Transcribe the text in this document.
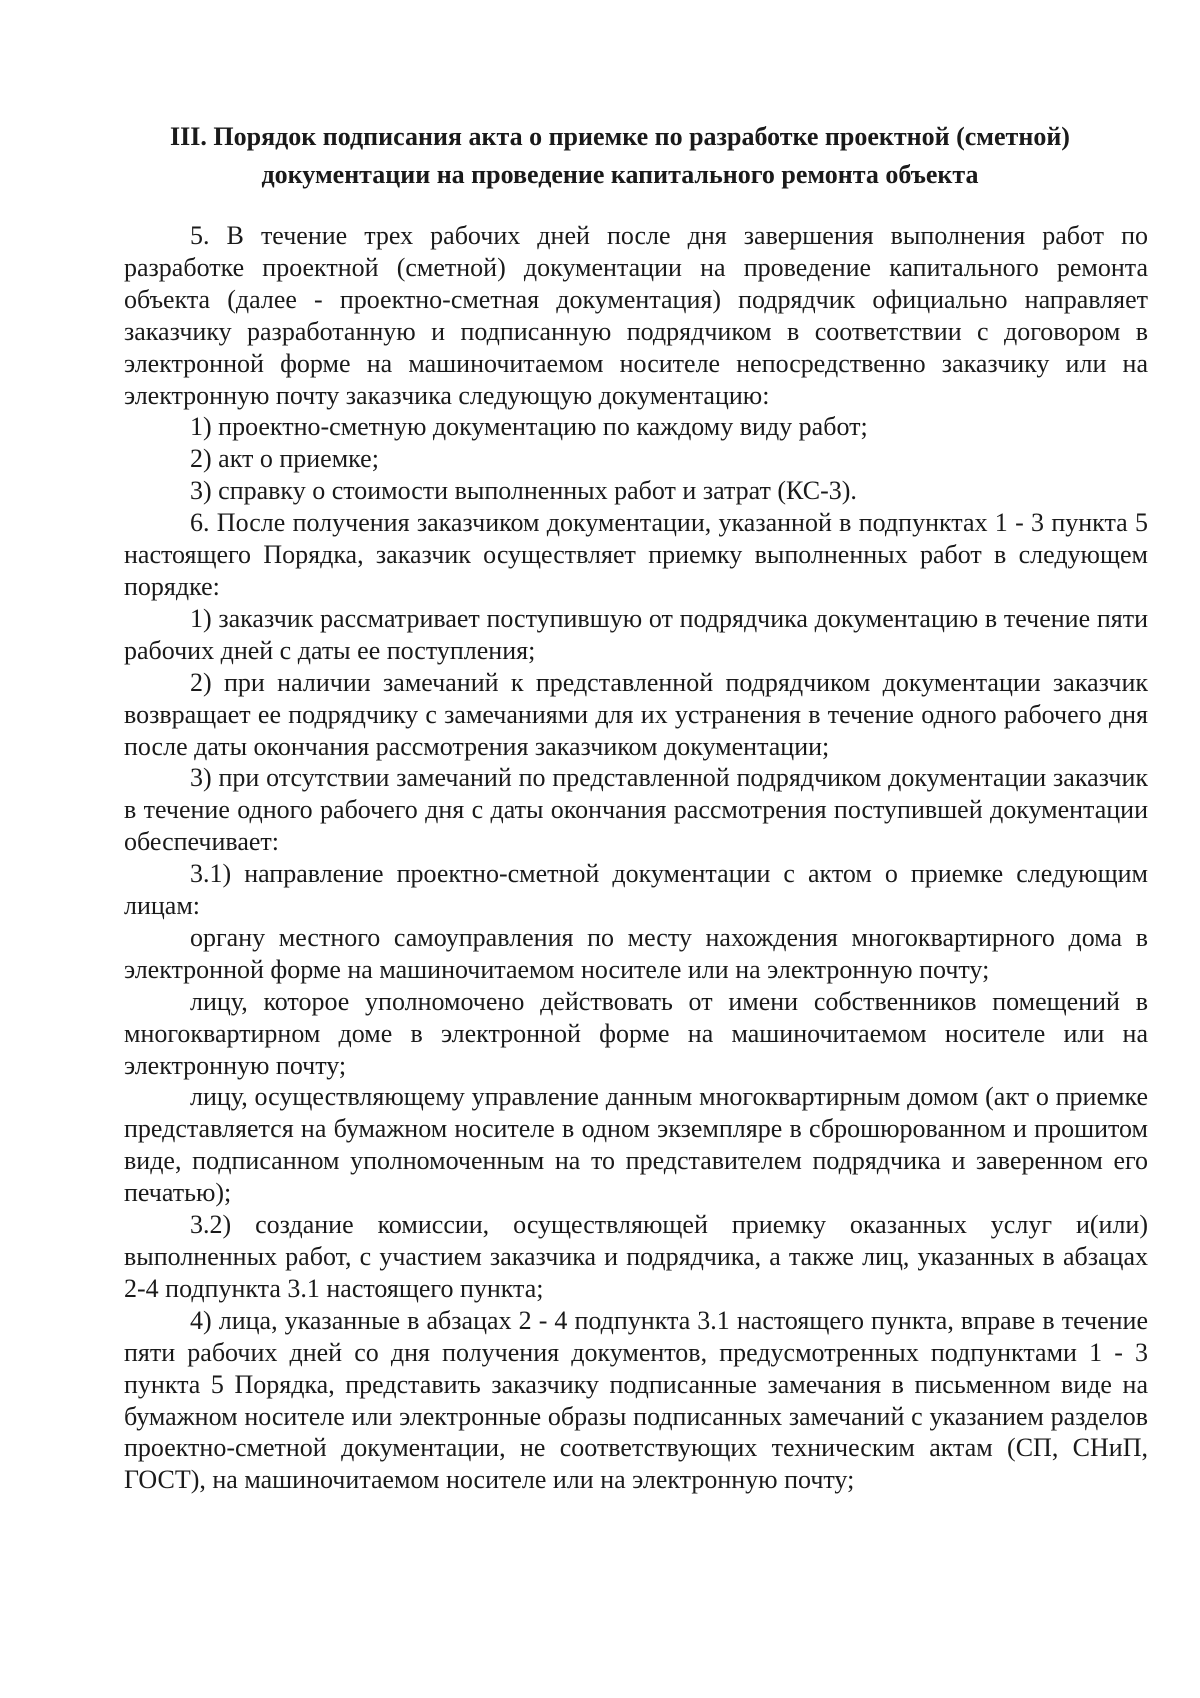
III. Порядок подписания акта о приемке по разработке проектной (сметной)
документации на проведение капитального ремонта объекта

5. В течение трех рабочих дней после дня завершения выполнения работ по разработке проектной (сметной) документации на проведение капитального ремонта объекта (далее - проектно-сметная документация) подрядчик официально направляет заказчику разработанную и подписанную подрядчиком в соответствии с договором в электронной форме на машиночитаемом носителе непосредственно заказчику или на электронную почту заказчика следующую документацию:

1) проектно-сметную документацию по каждому виду работ;

2) акт о приемке;

3) справку о стоимости выполненных работ и затрат (КС-3).

6. После получения заказчиком документации, указанной в подпунктах 1 - 3 пункта 5 настоящего Порядка, заказчик осуществляет приемку выполненных работ в следующем порядке:

1) заказчик рассматривает поступившую от подрядчика документацию в течение пяти рабочих дней с даты ее поступления;

2) при наличии замечаний к представленной подрядчиком документации заказчик возвращает ее подрядчику с замечаниями для их устранения в течение одного рабочего дня после даты окончания рассмотрения заказчиком документации;

3) при отсутствии замечаний по представленной подрядчиком документации заказчик в течение одного рабочего дня с даты окончания рассмотрения поступившей документации обеспечивает:

3.1) направление проектно-сметной документации с актом о приемке следующим лицам:

органу местного самоуправления по месту нахождения многоквартирного дома в электронной форме на машиночитаемом носителе или на электронную почту;

лицу, которое уполномочено действовать от имени собственников помещений в многоквартирном доме в электронной форме на машиночитаемом носителе или на электронную почту;

лицу, осуществляющему управление данным многоквартирным домом (акт о приемке представляется на бумажном носителе в одном экземпляре в сброшюрованном и прошитом виде, подписанном уполномоченным на то представителем подрядчика и заверенном его печатью);

3.2) создание комиссии, осуществляющей приемку оказанных услуг и(или) выполненных работ, с участием заказчика и подрядчика, а также лиц, указанных в абзацах 2-4 подпункта 3.1 настоящего пункта;

4) лица, указанные в абзацах 2 - 4 подпункта 3.1 настоящего пункта, вправе в течение пяти рабочих дней со дня получения документов, предусмотренных подпунктами 1 - 3 пункта 5 Порядка, представить заказчику подписанные замечания в письменном виде на бумажном носителе или электронные образы подписанных замечаний с указанием разделов проектно-сметной документации, не соответствующих техническим актам (СП, СНиП, ГОСТ), на машиночитаемом носителе или на электронную почту;
